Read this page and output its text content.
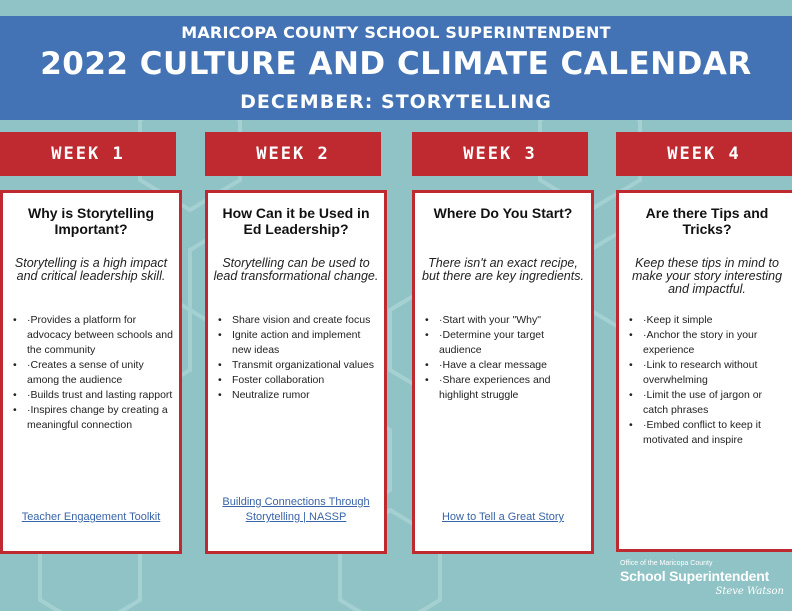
MARICOPA COUNTY SCHOOL SUPERINTENDENT
2022 CULTURE AND CLIMATE CALENDAR
DECEMBER: STORYTELLING
WEEK 1
Why is Storytelling Important?
Storytelling is a high impact and critical leadership skill.
• ·Provides a platform for advocacy between schools and the community
• ·Creates a sense of unity among the audience
• ·Builds trust and lasting rapport
• ·Inspires change by creating a meaningful connection
Teacher Engagement Toolkit
WEEK 2
How Can it be Used in Ed Leadership?
Storytelling can be used to lead transformational change.
• Share vision and create focus
• Ignite action and implement new ideas
• Transmit organizational values
• Foster collaboration
• Neutralize rumor
Building Connections Through Storytelling | NASSP
WEEK 3
Where Do You Start?
There isn't an exact recipe, but there are key ingredients.
• ·Start with your "Why"
• ·Determine your target audience
• ·Have a clear message
• ·Share experiences and highlight struggle
How to Tell a Great Story
WEEK 4
Are there Tips and Tricks?
Keep these tips in mind to make your story interesting and impactful.
• ·Keep it simple
• ·Anchor the story in your experience
• ·Link to research without overwhelming
• ·Limit the use of jargon or catch phrases
• ·Embed conflict to keep it motivated and inspire
Office of the Maricopa County
School Superintendent
Steve Watson
